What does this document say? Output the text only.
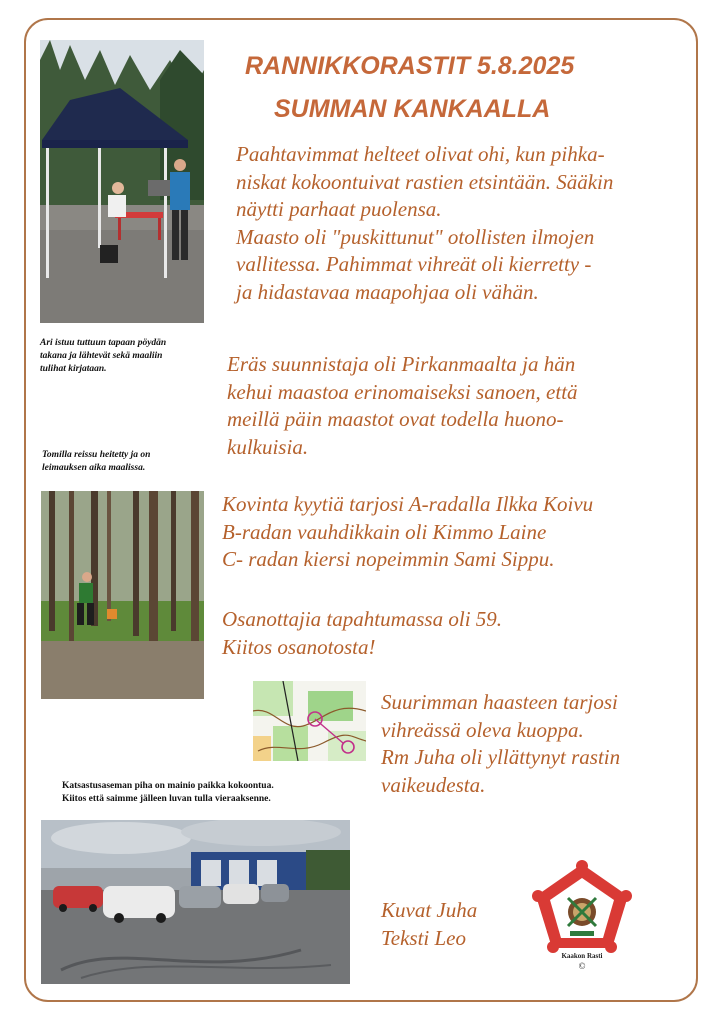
RANNIKKORASTIT 5.8.2025
SUMMAN KANKAALLA
Paahtavimmat helteet olivat ohi, kun pihka-
niskat kokoontuivat rastien etsintään. Sääkin
näytti parhaat puolensa.
Maasto oli "puskittunut" otollisten ilmojen
vallitessa. Pahimmat vihreät oli kierretty -
ja hidastavaa maapohjaa oli vähän.
Ari istuu tuttuun tapaan pöydän
takana ja lähtevät sekä maaliin
tulihat kirjataan.	Eräs suunnistaja oli Pirkanmaalta ja hän
kehui maastoa erinomaiseksi sanoen, että
meillä päin maastot ovat todella huono-
kulkuisia.
Tomilla reissu heitetty ja on
leimauksen aika maalissa.
Kovinta kyytiä tarjosi A-radalla Ilkka Koivu
B-radan vauhdikkain oli Kimmo Laine
C- radan kiersi nopeimmin Sami Sippu.
Osanottajia tapahtumassa oli 59.
Kiitos osanotosta!
Suurimman haasteen tarjosi
vihreässä oleva kuoppa.
Rm Juha oli yllättynyt rastin
vaikeudesta.
Katsastusaseman piha on mainio paikka kokoontua.
Kiitos että saimme jälleen luvan tulla vieraaksenne.
Kuvat Juha
Teksti Leo
Kaakon Rasti
©
